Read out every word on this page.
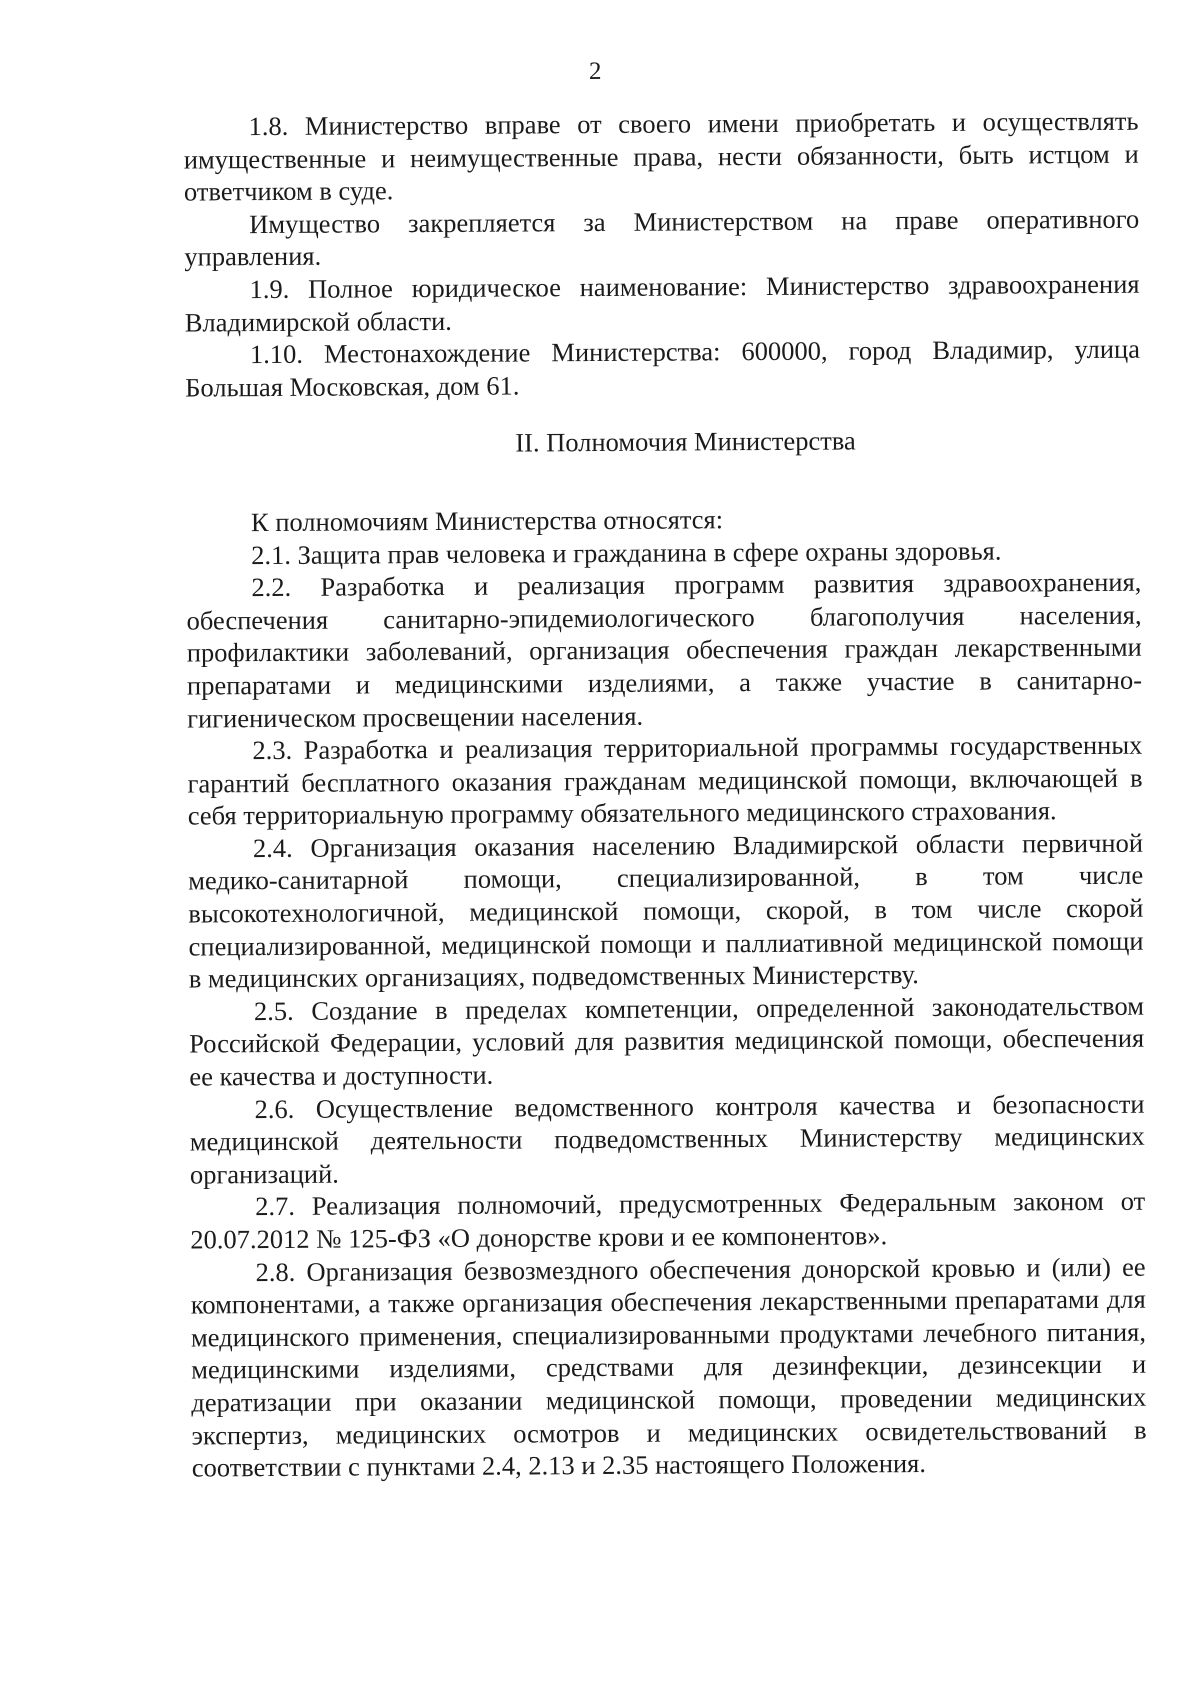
2

1.8. Министерство вправе от своего имени приобретать и осуществлять имущественные и неимущественные права, нести обязанности, быть истцом и ответчиком в суде.

Имущество закрепляется за Министерством на праве оперативного управления.

1.9. Полное юридическое наименование: Министерство здравоохранения Владимирской области.

1.10. Местонахождение Министерства: 600000, город Владимир, улица Большая Московская, дом 61.

II. Полномочия Министерства

К полномочиям Министерства относятся:

2.1. Защита прав человека и гражданина в сфере охраны здоровья.

2.2. Разработка и реализация программ развития здравоохранения, обеспечения санитарно-эпидемиологического благополучия населения, профилактики заболеваний, организация обеспечения граждан лекарственными препаратами и медицинскими изделиями, а также участие в санитарно-гигиеническом просвещении населения.

2.3. Разработка и реализация территориальной программы государственных гарантий бесплатного оказания гражданам медицинской помощи, включающей в себя территориальную программу обязательного медицинского страхования.

2.4. Организация оказания населению Владимирской области первичной медико-санитарной помощи, специализированной, в том числе высокотехнологичной, медицинской помощи, скорой, в том числе скорой специализированной, медицинской помощи и паллиативной медицинской помощи в медицинских организациях, подведомственных Министерству.

2.5. Создание в пределах компетенции, определенной законодательством Российской Федерации, условий для развития медицинской помощи, обеспечения ее качества и доступности.

2.6. Осуществление ведомственного контроля качества и безопасности медицинской деятельности подведомственных Министерству медицинских организаций.

2.7. Реализация полномочий, предусмотренных Федеральным законом от 20.07.2012 № 125-ФЗ «О донорстве крови и ее компонентов».

2.8. Организация безвозмездного обеспечения донорской кровью и (или) ее компонентами, а также организация обеспечения лекарственными препаратами для медицинского применения, специализированными продуктами лечебного питания, медицинскими изделиями, средствами для дезинфекции, дезинсекции и дератизации при оказании медицинской помощи, проведении медицинских экспертиз, медицинских осмотров и медицинских освидетельствований в соответствии с пунктами 2.4, 2.13 и 2.35 настоящего Положения.
